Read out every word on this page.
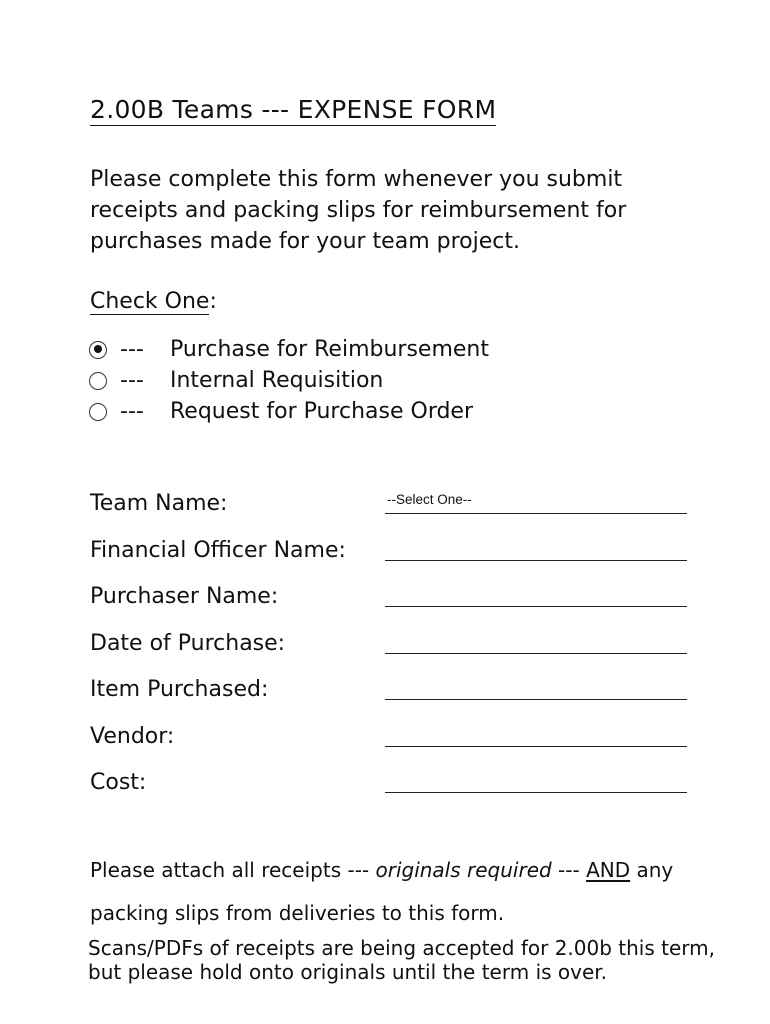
2.00B Teams --- EXPENSE FORM
Please complete this form whenever you submit
receipts and packing slips for reimbursement for
purchases made for your team project.
Check One:
---	Purchase for Reimbursement
---	Internal Requisition
---	Request for Purchase Order
Team Name:	--Select One--
Financial Officer Name:
Purchaser Name:
Date of Purchase:
Item Purchased:
Vendor:
Cost:
Please attach all receipts --- originals required --- AND any
packing slips from deliveries to this form.
Scans/PDFs of receipts are being accepted for 2.00b this term,
but please hold onto originals until the term is over.
